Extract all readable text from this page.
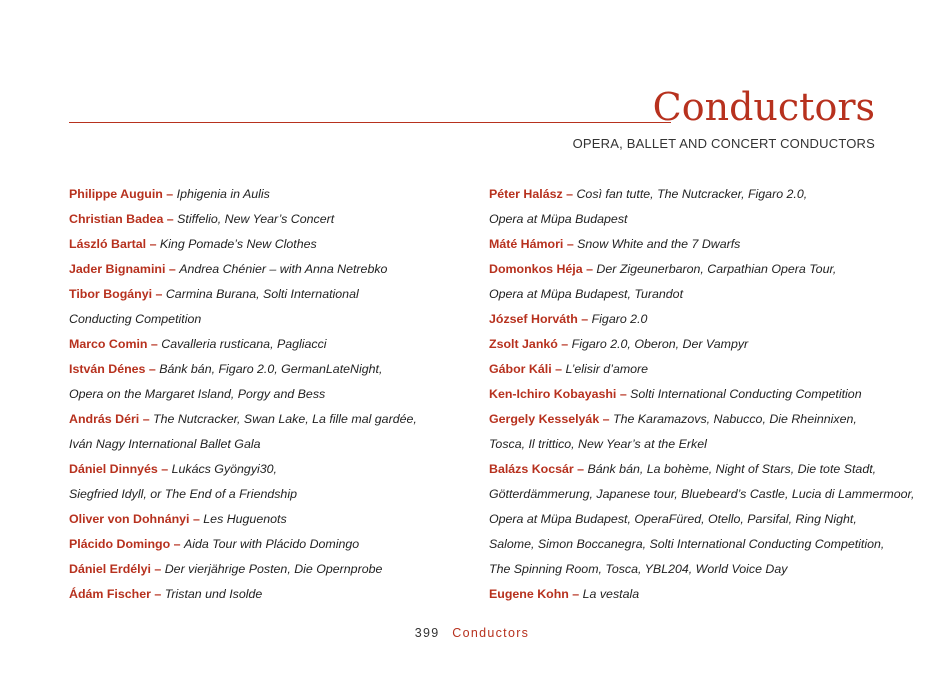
Conductors
OPERA, BALLET AND CONCERT CONDUCTORS
Philippe Auguin – Iphigenia in Aulis
Christian Badea – Stiffelio, New Year’s Concert
László Bartal – King Pomade’s New Clothes
Jader Bignamini – Andrea Chénier – with Anna Netrebko
Tibor Bogányi – Carmina Burana, Solti International
Conducting Competition
Marco Comin – Cavalleria rusticana, Pagliacci
István Dénes – Bánk bán, Figaro 2.0, GermanLateNight,
Opera on the Margaret Island, Porgy and Bess
András Déri – The Nutcracker, Swan Lake, La fille mal gardée,
Iván Nagy International Ballet Gala
Dániel Dinnyés – Lukács Gyöngyi30,
Siegfried Idyll, or The End of a Friendship
Oliver von Dohnányi – Les Huguenots
Plácido Domingo – Aida Tour with Plácido Domingo
Dániel Erdélyi – Der vierjährige Posten, Die Opernprobe
Ádám Fischer – Tristan und Isolde
Péter Halász – Così fan tutte, The Nutcracker, Figaro 2.0,
Opera at Müpa Budapest
Máté Hámori – Snow White and the 7 Dwarfs
Domonkos Héja – Der Zigeunerbaron, Carpathian Opera Tour,
Opera at Müpa Budapest, Turandot
József Horváth – Figaro 2.0
Zsolt Jankó – Figaro 2.0, Oberon, Der Vampyr
Gábor Káli – L’elisir d’amore
Ken-Ichiro Kobayashi – Solti International Conducting Competition
Gergely Kesselyák – The Karamazovs, Nabucco, Die Rheinnixen,
Tosca, Il trittico, New Year’s at the Erkel
Balázs Kocsár – Bánk bán, La bohème, Night of Stars, Die tote Stadt,
Götterdämmerung, Japanese tour, Bluebeard’s Castle, Lucia di Lammermoor,
Opera at Müpa Budapest, OperaFüred, Otello, Parsifal, Ring Night,
Salome, Simon Boccanegra, Solti International Conducting Competition,
The Spinning Room, Tosca, YBL204, World Voice Day
Eugene Kohn – La vestala
399 Conductors
